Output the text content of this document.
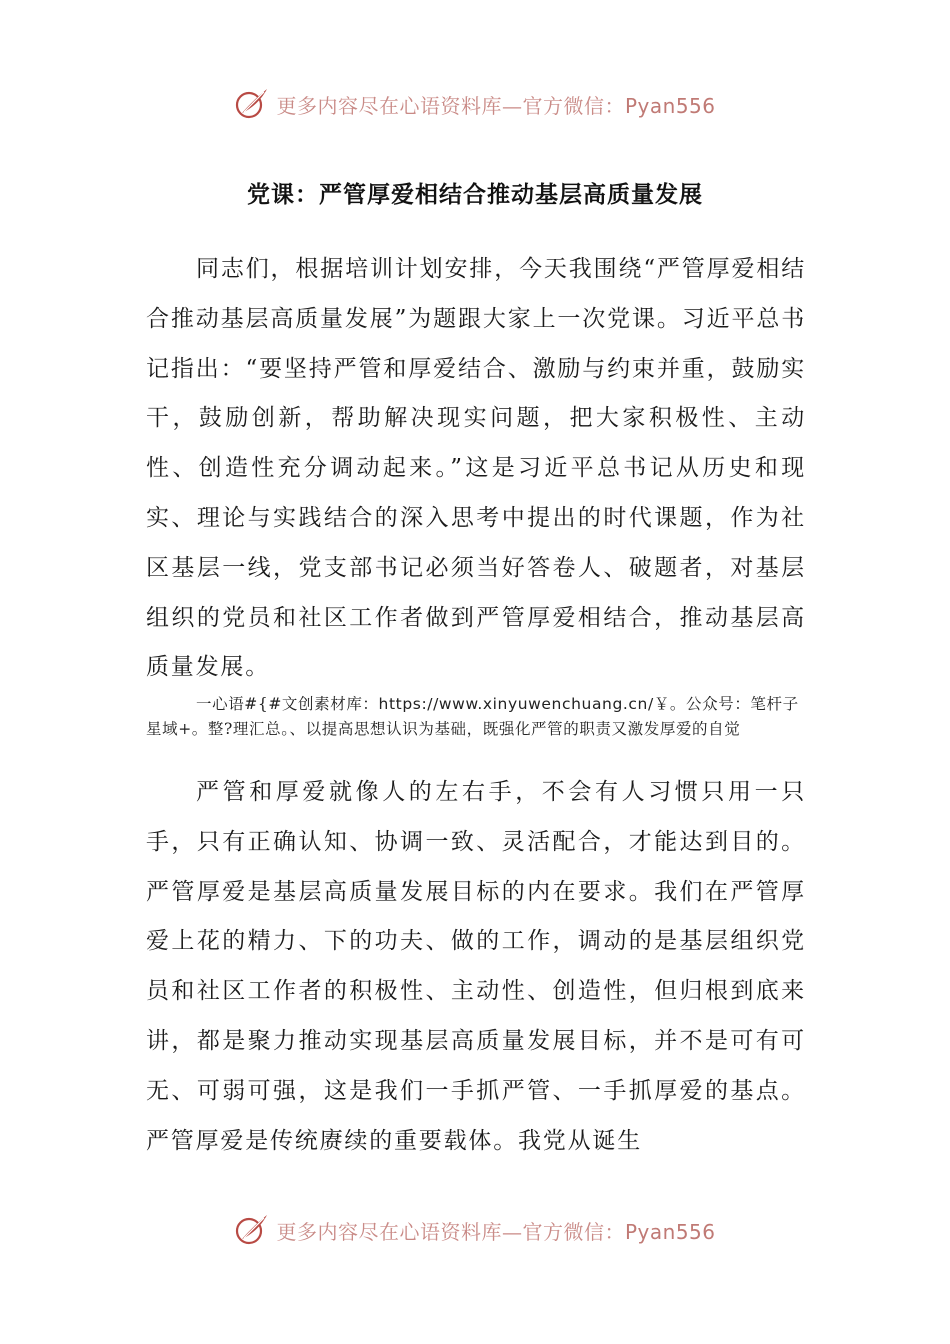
更多内容尽在心语资料库—官方微信：Pyan556
党课：严管厚爱相结合推动基层高质量发展

同志们，根据培训计划安排，今天我围绕“严管厚爱相结合推动基层高质量发展”为题跟大家上一次党课。习近平总书记指出：“要坚持严管和厚爱结合、激励与约束并重，鼓励实干，鼓励创新，帮助解决现实问题，把大家积极性、主动性、创造性充分调动起来。”这是习近平总书记从历史和现实、理论与实践结合的深入思考中提出的时代课题，作为社区基层一线，党支部书记必须当好答卷人、破题者，对基层组织的党员和社区工作者做到严管厚爱相结合，推动基层高质量发展。

一心语#{#文创素材库：https://www.xinyuwenchuang.cn/￥。公众号：笔杆子星域+。整?理汇总。、以提高思想认识为基础，既强化严管的职责又激发厚爱的自觉

严管和厚爱就像人的左右手，不会有人习惯只用一只手，只有正确认知、协调一致、灵活配合，才能达到目的。严管厚爱是基层高质量发展目标的内在要求。我们在严管厚爱上花的精力、下的功夫、做的工作，调动的是基层组织党员和社区工作者的积极性、主动性、创造性，但归根到底来讲，都是聚力推动实现基层高质量发展目标，并不是可有可无、可弱可强，这是我们一手抓严管、一手抓厚爱的基点。严管厚爱是传统赓续的重要载体。我党从诞生

更多内容尽在心语资料库—官方微信：Pyan556
